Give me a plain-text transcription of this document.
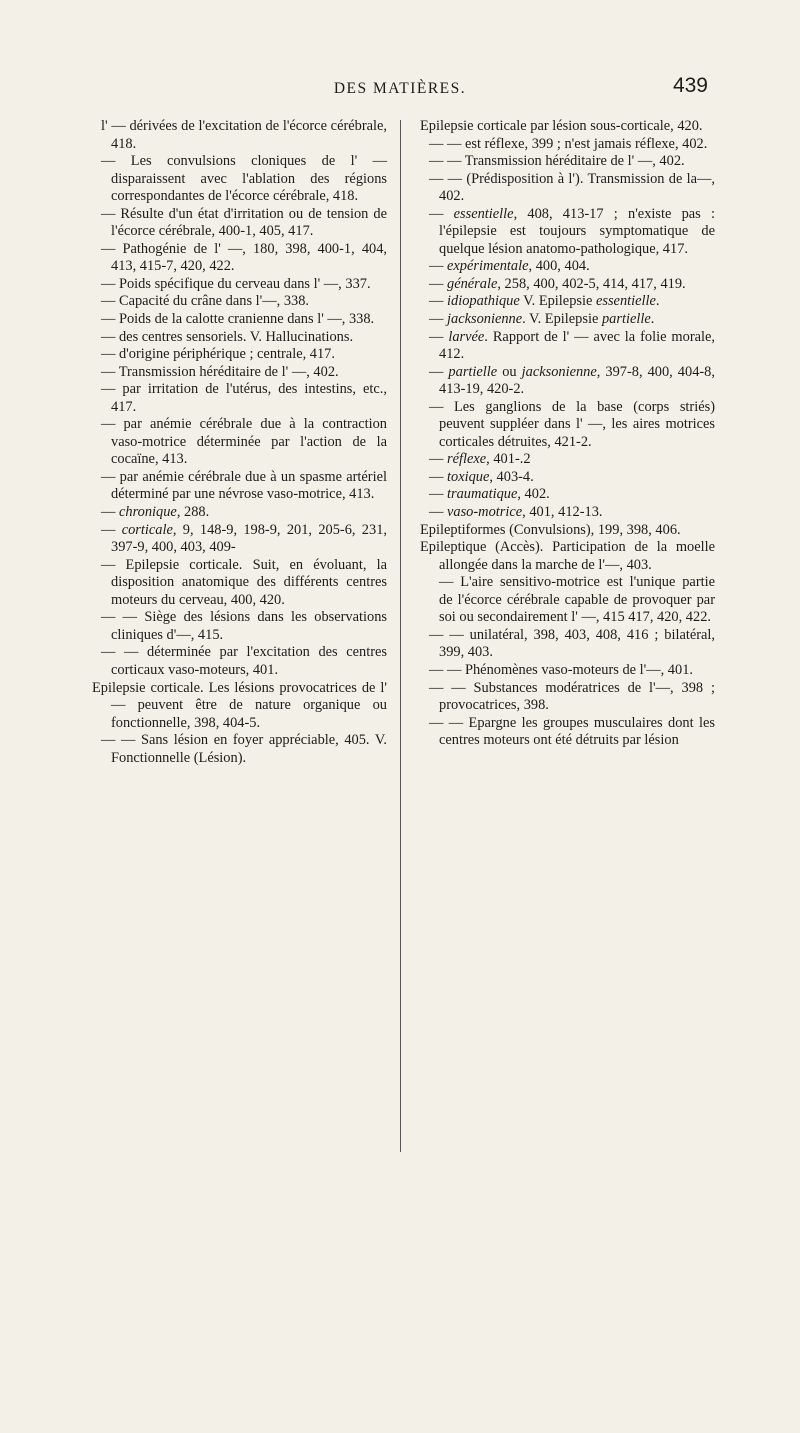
DES MATIÈRES.	439
l' — dérivées de l'excitation de l'écorce cérébrale, 418.
— Les convulsions cloniques de l' — disparaissent avec l'ablation des régions correspondantes de l'écorce cérébrale, 418.
— Résulte d'un état d'irritation ou de tension de l'écorce cérébrale, 400-1, 405, 417.
— Pathogénie de l' —, 180, 398, 400-1, 404, 413, 415-7, 420, 422.
— Poids spécifique du cerveau dans l' —, 337.
— Capacité du crâne dans l'—, 338.
— Poids de la calotte cranienne dans l' —, 338.
— des centres sensoriels. V. Hallucinations.
— d'origine périphérique ; centrale, 417.
— Transmission héréditaire de l' —, 402.
— par irritation de l'utérus, des intestins, etc., 417.
— par anémie cérébrale due à la contraction vaso-motrice déterminée par l'action de la cocaïne, 413.
— par anémie cérébrale due à un spasme artériel déterminé par une névrose vaso-motrice, 413.
— chronique, 288.
— corticale, 9, 148-9, 198-9, 201, 205-6, 231, 397-9, 400, 403, 409-
— Epilepsie corticale. Suit, en évoluant, la disposition anatomique des différents centres moteurs du cerveau, 400, 420.
— — Siège des lésions dans les observations cliniques d'—, 415.
— — déterminée par l'excitation des centres corticaux vaso-moteurs, 401.
Epilepsie corticale. Les lésions provocatrices de l' — peuvent être de nature organique ou fonctionnelle, 398, 404-5.
— — Sans lésion en foyer appréciable, 405. V. Fonctionnelle (Lésion).
Epilepsie corticale par lésion sous-corticale, 420.
— — est réflexe, 399 ; n'est jamais réflexe, 402.
— — Transmission héréditaire de l' —, 402.
— — (Prédisposition à l'). Transmission de la—, 402.
— essentielle, 408, 413-17 ; n'existe pas : l'épilepsie est toujours symptomatique de quelque lésion anatomo-pathologique, 417.
— expérimentale, 400, 404.
— générale, 258, 400, 402-5, 414, 417, 419.
— idiopathique V. Epilepsie essentielle.
— jacksonienne. V. Epilepsie partielle.
— larvée. Rapport de l' — avec la folie morale, 412.
— partielle ou jacksonienne, 397-8, 400, 404-8, 413-19, 420-2.
— Les ganglions de la base (corps striés) peuvent suppléer dans l' —, les aires motrices corticales détruites, 421-2.
— réflexe, 401-.2
— toxique, 403-4.
— traumatique, 402.
— vaso-motrice, 401, 412-13.
Epileptiformes (Convulsions), 199, 398, 406.
Epileptique (Accès). Participation de la moelle allongée dans la marche de l'—, 403.
— L'aire sensitivo-motrice est l'unique partie de l'écorce cérébrale capable de provoquer par soi ou secondairement l' —, 415 417, 420, 422.
— — unilatéral, 398, 403, 408, 416 ; bilatéral, 399, 403.
— — Phénomènes vaso-moteurs de l'—, 401.
— — Substances modératrices de l'—, 398 ; provocatrices, 398.
— — Epargne les groupes musculaires dont les centres moteurs ont été détruits par lésion
